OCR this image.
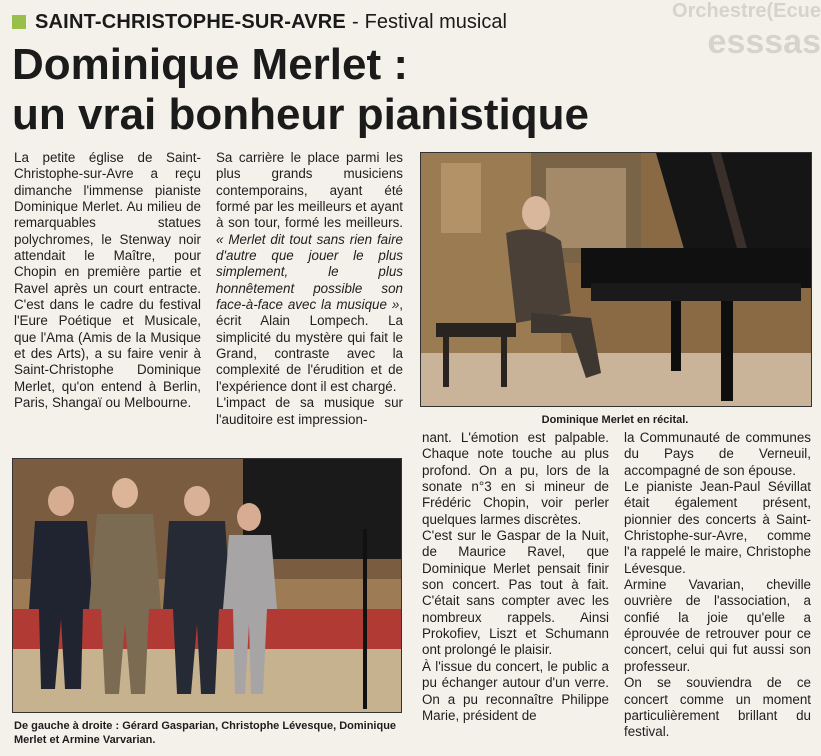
Orchestre(Ecue
esssas
SAINT-CHRISTOPHE-SUR-AVRE - Festival musical
Dominique Merlet :
un vrai bonheur pianistique

La petite église de Saint-Christophe-sur-Avre a reçu dimanche l'immense pianiste Dominique Merlet. Au milieu de remarquables statues polychromes, le Stenway noir attendait le Maître, pour Chopin en première partie et Ravel après un court entracte. C'est dans le cadre du festival l'Eure Poétique et Musicale, que l'Ama (Amis de la Musique et des Arts), a su faire venir à Saint-Christophe Dominique Merlet, qu'on entend à Berlin, Paris, Shangaï ou Melbourne.

Sa carrière le place parmi les plus grands musiciens contemporains, ayant été formé par les meilleurs et ayant à son tour, formé les meilleurs. « Merlet dit tout sans rien faire d'autre que jouer le plus simplement, le plus honnêtement possible son face-à-face avec la musique », écrit Alain Lompech. La simplicité du mystère qui fait le Grand, contraste avec la complexité de l'érudition et de l'expérience dont il est chargé.

L'impact de sa musique sur l'auditoire est impression-	Dominique Merlet en récital.
De gauche à droite : Gérard Gasparian, Christophe Lévesque, Dominique Merlet et Armine Varvarian.

nant. L'émotion est palpable. Chaque note touche au plus profond. On a pu, lors de la sonate n°3 en si mineur de Frédéric Chopin, voir perler quelques larmes discrètes.

C'est sur le Gaspar de la Nuit, de Maurice Ravel, que Dominique Merlet pensait finir son concert. Pas tout à fait. C'était sans compter avec les nombreux rappels. Ainsi Prokofiev, Liszt et Schumann ont prolongé le plaisir.

À l'issue du concert, le public a pu échanger autour d'un verre. On a pu reconnaître Philippe Marie, président de

la Communauté de communes du Pays de Verneuil, accompagné de son épouse.

Le pianiste Jean-Paul Sévillat était également présent, pionnier des concerts à Saint-Christophe-sur-Avre, comme l'a rappelé le maire, Christophe Lévesque.

Armine Vavarian, cheville ouvrière de l'association, a confié la joie qu'elle a éprouvée de retrouver pour ce concert, celui qui fut aussi son professeur.

On se souviendra de ce concert comme un moment particulièrement brillant du festival.
